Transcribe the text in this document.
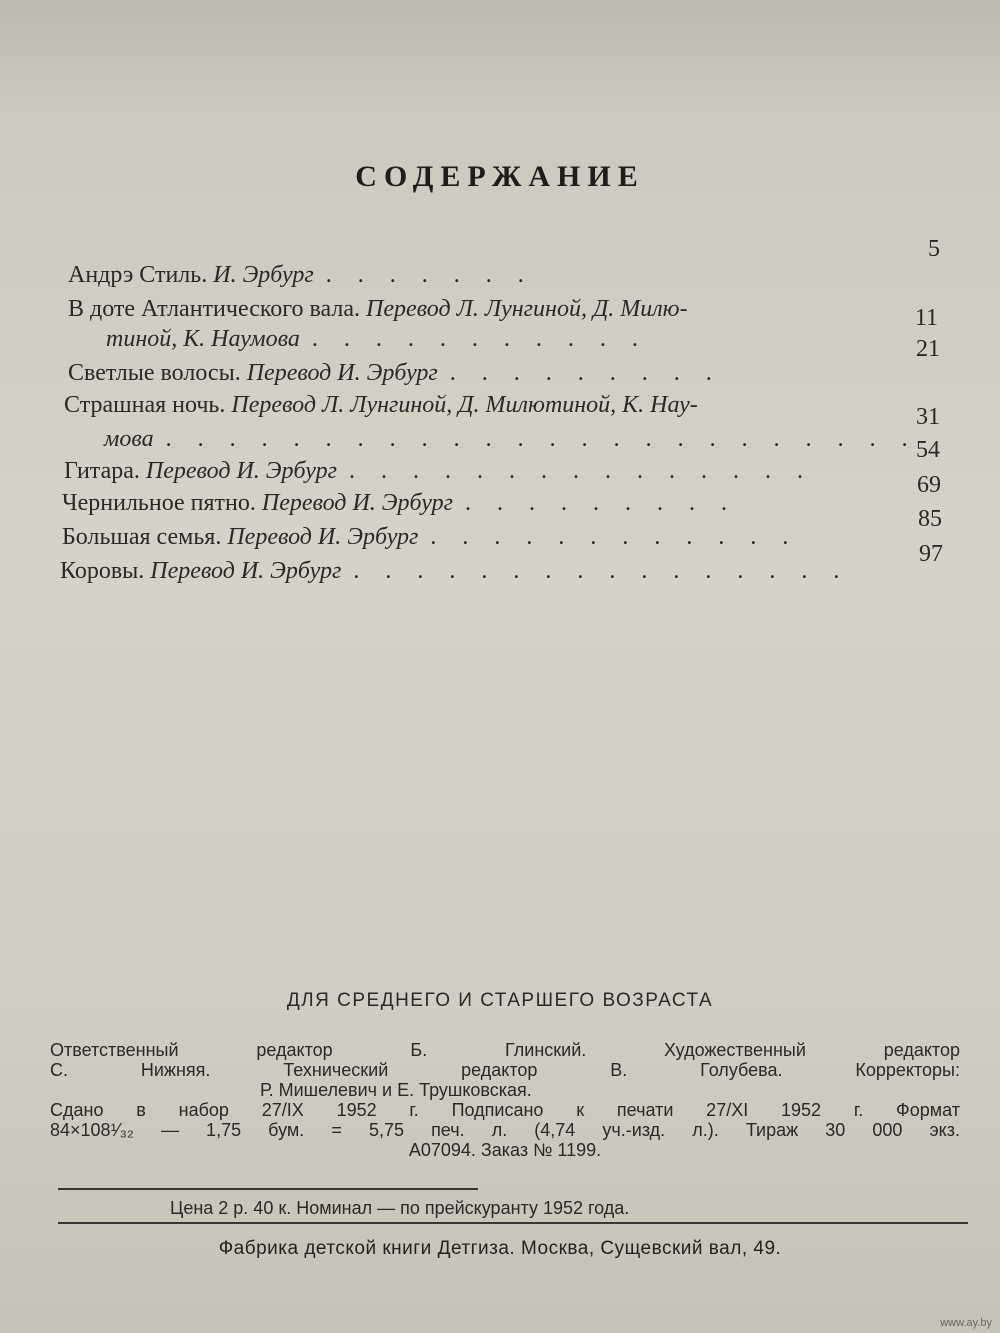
СОДЕРЖАНИЕ
Андрэ Стиль. И. Эрбург . . . . . . .
5
В доте Атлантического вала. Перевод Л. Лунгиной, Д. Милю-
тиной, К. Наумова . . . . . . . . . . .
11
Светлые волосы. Перевод И. Эрбург . . . . . . . . .
21
Страшная ночь. Перевод Л. Лунгиной, Д. Милютиной, К. Нау-
мова . . . . . . . . . . . . . . . . . . . . . . . .
31
Гитара. Перевод И. Эрбург . . . . . . . . . . . . . . .
54
Чернильное пятно. Перевод И. Эрбург . . . . . . . . .
69
Большая семья. Перевод И. Эрбург . . . . . . . . . . . .
85
Коровы. Перевод И. Эрбург . . . . . . . . . . . . . . . .
97
ДЛЯ СРЕДНЕГО И СТАРШЕГО ВОЗРАСТА
Ответственный редактор Б. Глинский. Художественный редактор
С. Нижняя. Технический редактор В. Голубева. Корректоры:
Р. Мишелевич и Е. Трушковская.
Сдано в набор 27/IX 1952 г. Подписано к печати 27/XI 1952 г. Формат
84×108¹⁄₃₂ — 1,75 бум. = 5,75 печ. л. (4,74 уч.-изд. л.). Тираж 30 000 экз.
А07094. Заказ № 1199.
Цена 2 р. 40 к. Номинал — по прейскуранту 1952 года.
Фабрика детской книги Детгиза. Москва, Сущевский вал, 49.
www.ay.by
